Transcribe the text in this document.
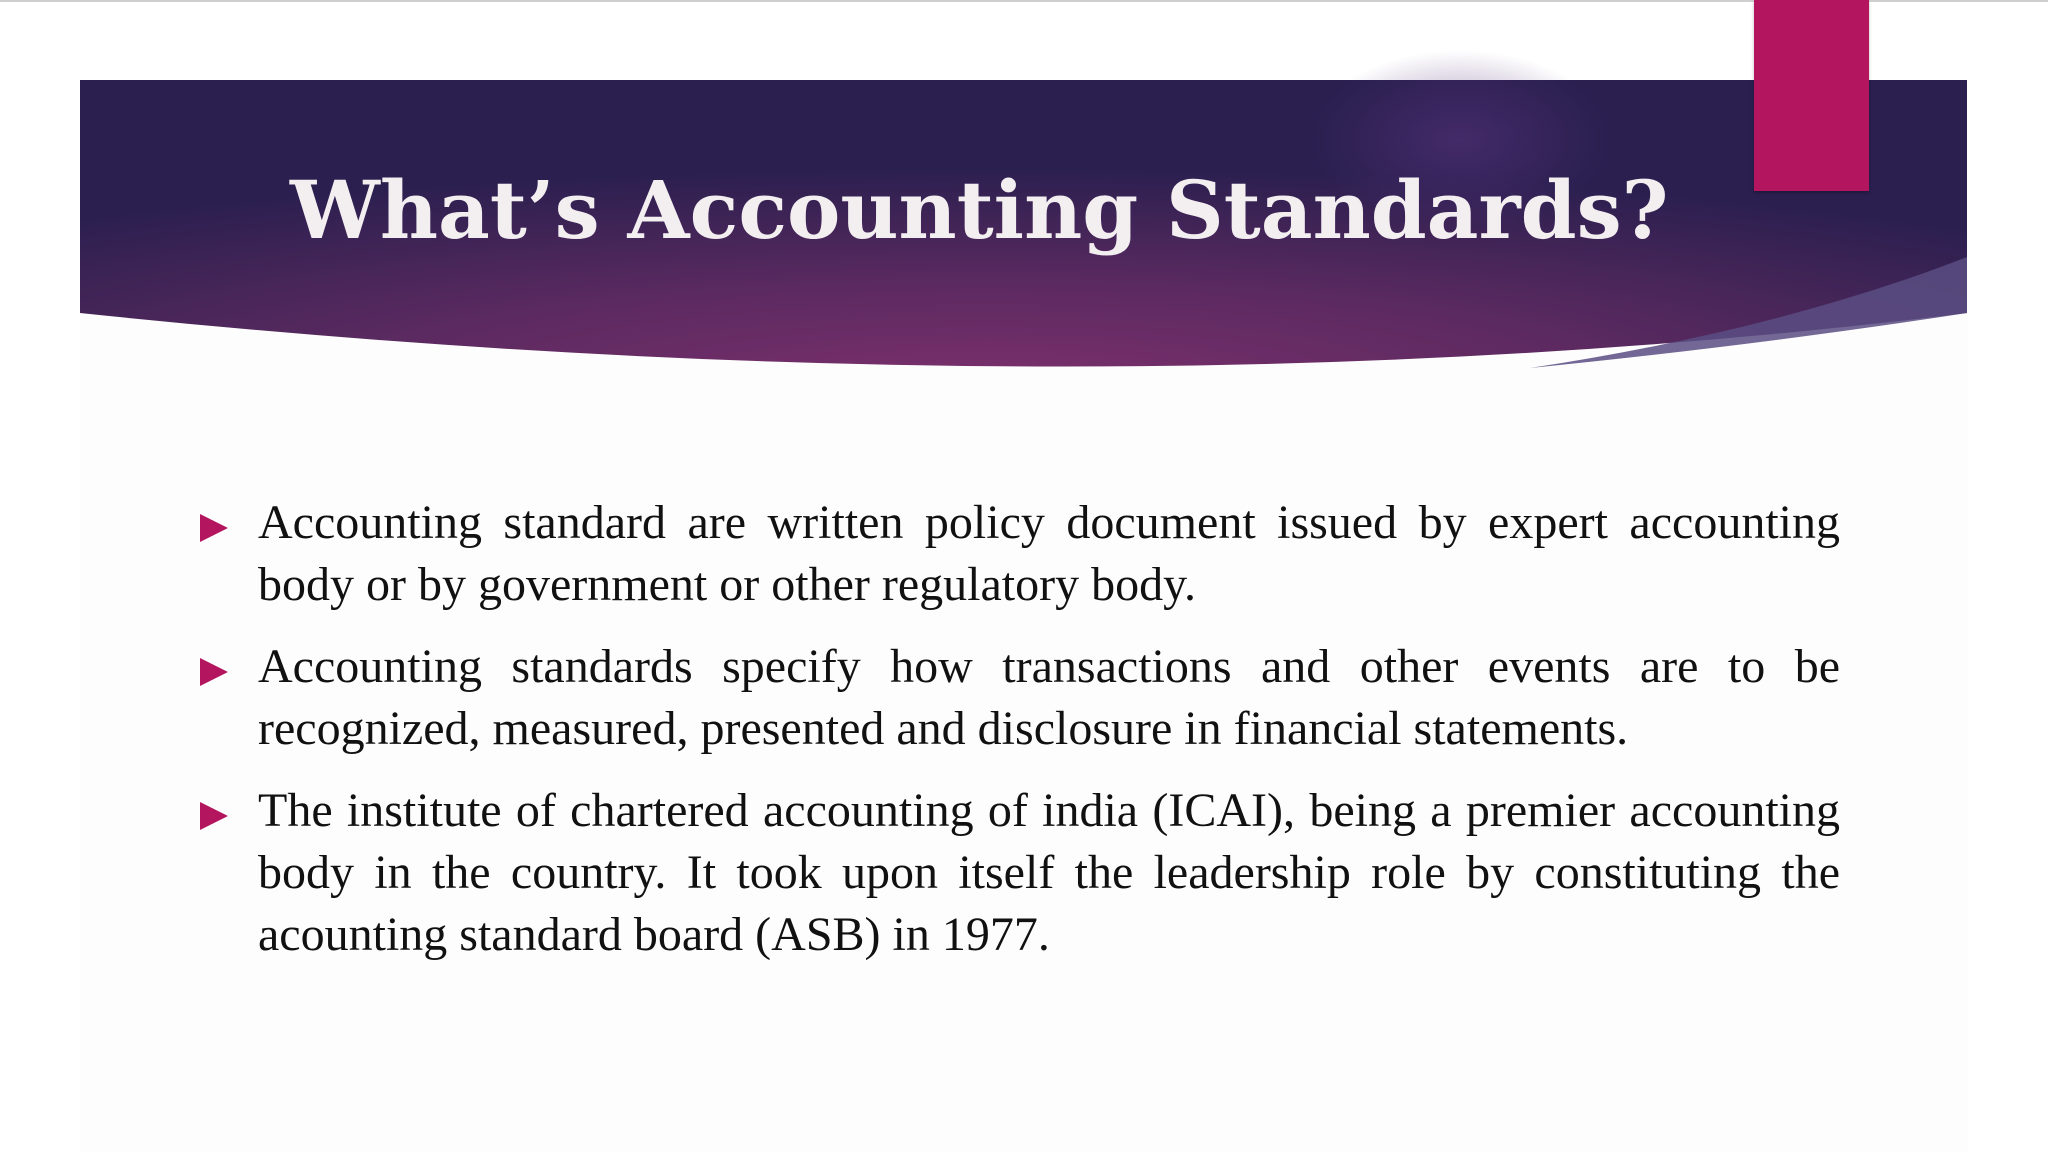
What’s Accounting Standards?
Accounting standard are written policy document issued by expert accounting body or by government or other regulatory body.
Accounting standards specify how transactions and other events are to be recognized, measured, presented and disclosure in financial statements.
The institute of chartered accounting of india (ICAI), being a premier accounting body in the country. It took upon itself the leadership role by constituting the acounting standard board (ASB) in 1977.
